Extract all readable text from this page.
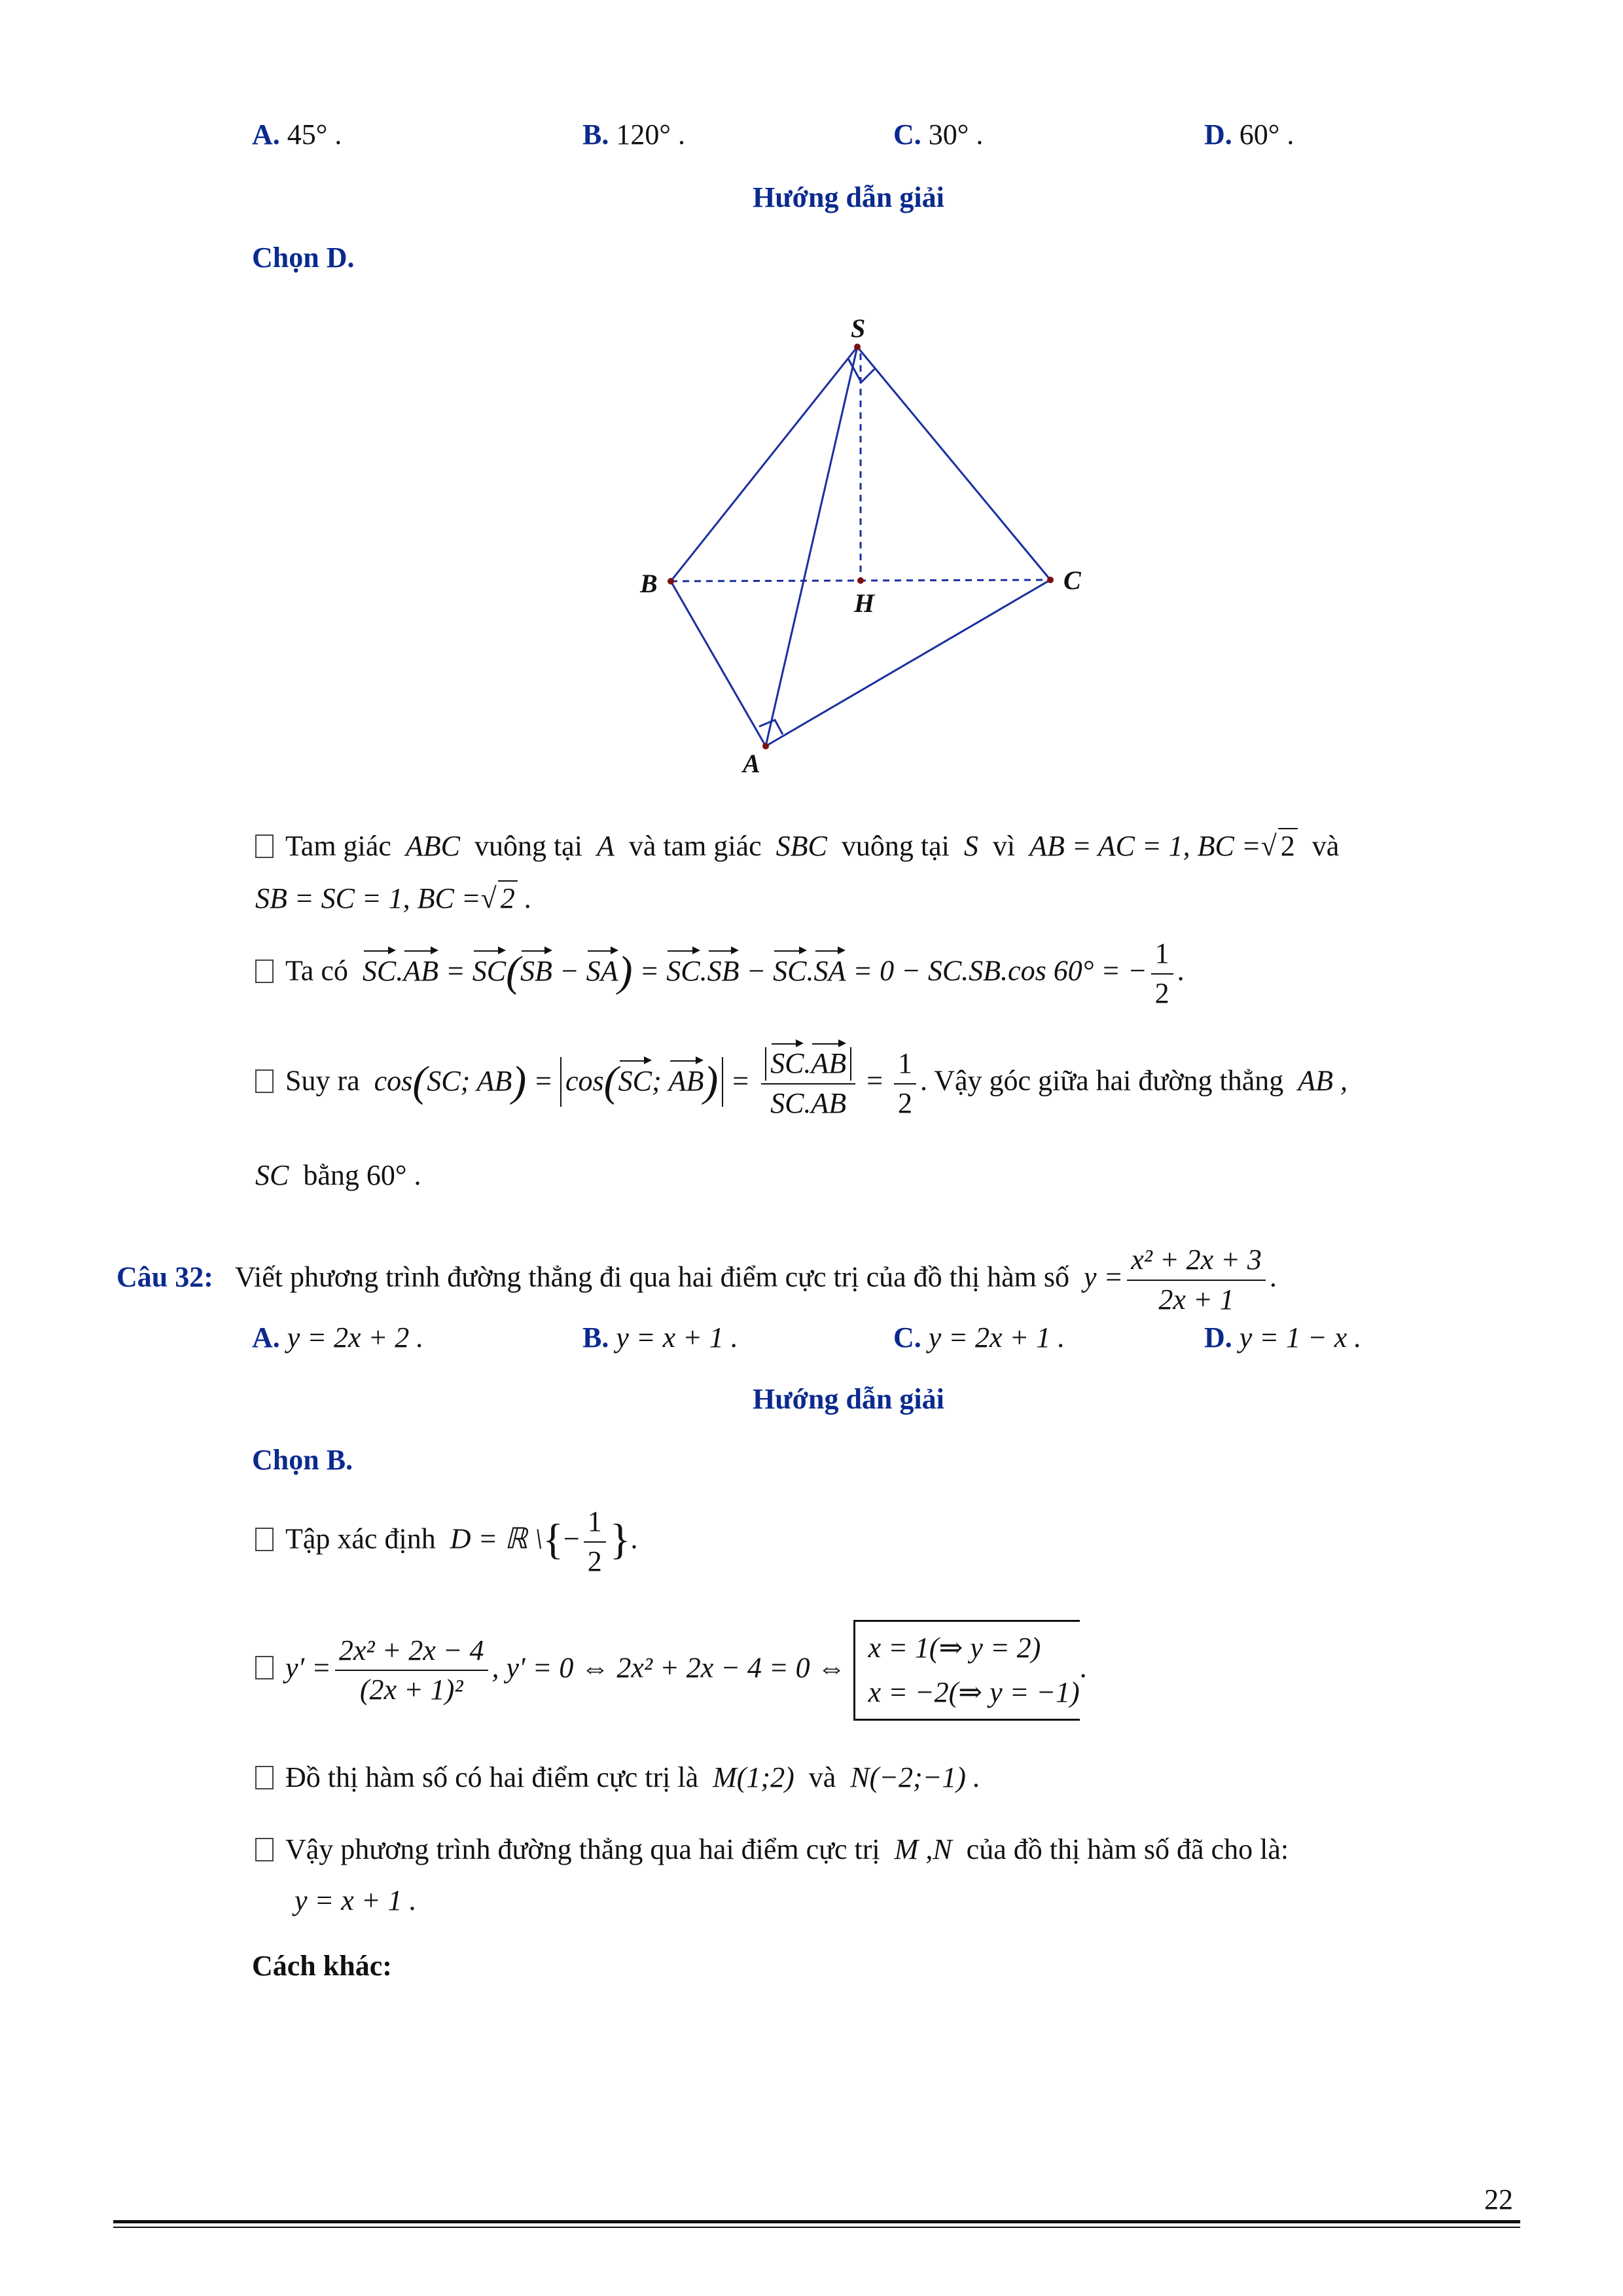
A. 45° .	B. 120° .	C. 30° .	D. 60° .
Hướng dẫn giải
Chọn D.
S
B	C
H
A
Tam giác ABC vuông tại A và tam giác SBC vuông tại S vì AB = AC = 1, BC =√ 2 và
SB = SC = 1, BC =√ 2 .
Ta có SC.AB = SC(SB − SA) = SC.SB − SC.SA = 0 − SC.SB.cos 60° = − $\frac{1}{2}$ .
Suy ra cos(SC; AB) = cos(SC; $AB) = \frac{SC.AB}{SC.AB} = \frac{1}{2}$ . Vậy góc giữa hai đường thẳng AB ,
SC bằng 60° .
Câu 32: Viết phương trình đường thẳng đi qua hai điểm cực trị của đồ thị hàm số $y = \frac{\text{x² + 2x + 3}}{2x + 1}$ .
A. y = 2x + 2 .	B. y = x + 1 .	C. y = 2x + 1 .	D. y = 1 − x .
Hướng dẫn giải
Chọn B.
Tập xác định D = ℝ \{− $\frac{1}{2}$ }.
$y' = \frac{\text{2x² + 2x − 4}}{\text{(2x + 1)²}}$ , y′ = 0 ⇔ 2x² + 2x − 4 = 0 ⇔ x = 1(⇒ y = 2)
x = −2(⇒ y = −1).
Đồ thị hàm số có hai điểm cực trị là M(1;2) và N(−2;−1) .
Vậy phương trình đường thẳng qua hai điểm cực trị M ,N của đồ thị hàm số đã cho là:
y = x + 1 .
Cách khác:
22
